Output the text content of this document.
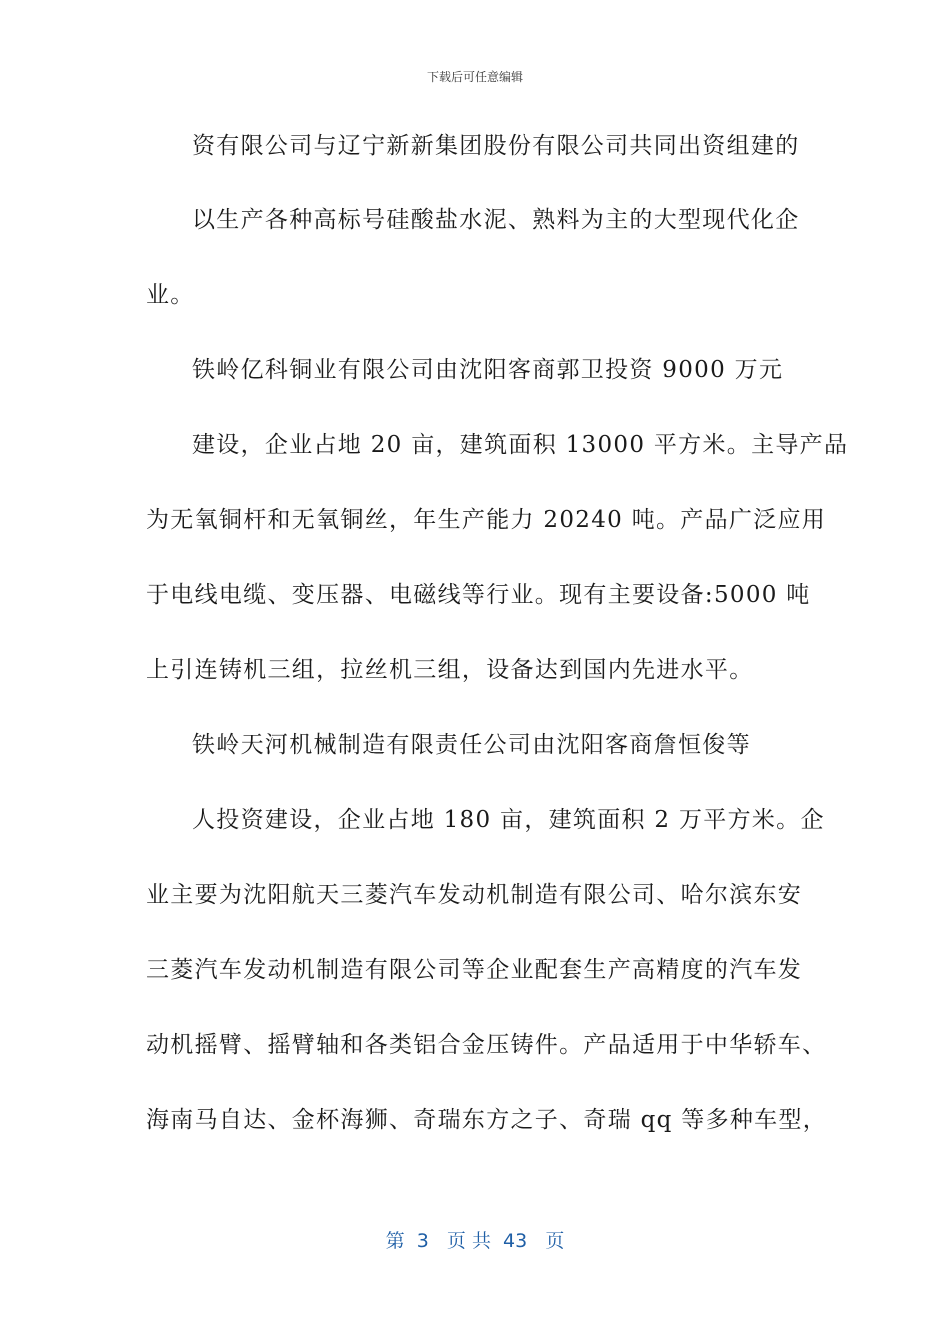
下载后可任意编辑
资有限公司与辽宁新新集团股份有限公司共同出资组建的
以生产各种高标号硅酸盐水泥、熟料为主的大型现代化企
业。
铁岭亿科铜业有限公司由沈阳客商郭卫投资 9000 万元
建设，企业占地 20 亩，建筑面积 13000 平方米。主导产品
为无氧铜杆和无氧铜丝，年生产能力 20240 吨。产品广泛应用
于电线电缆、变压器、电磁线等行业。现有主要设备:5000 吨
上引连铸机三组，拉丝机三组，设备达到国内先进水平。
铁岭天河机械制造有限责任公司由沈阳客商詹恒俊等
人投资建设，企业占地 180 亩，建筑面积 2 万平方米。企
业主要为沈阳航天三菱汽车发动机制造有限公司、哈尔滨东安
三菱汽车发动机制造有限公司等企业配套生产高精度的汽车发
动机摇臂、摇臂轴和各类铝合金压铸件。产品适用于中华轿车、
海南马自达、金杯海狮、奇瑞东方之子、奇瑞 qq 等多种车型，
第  3   页 共  43   页
